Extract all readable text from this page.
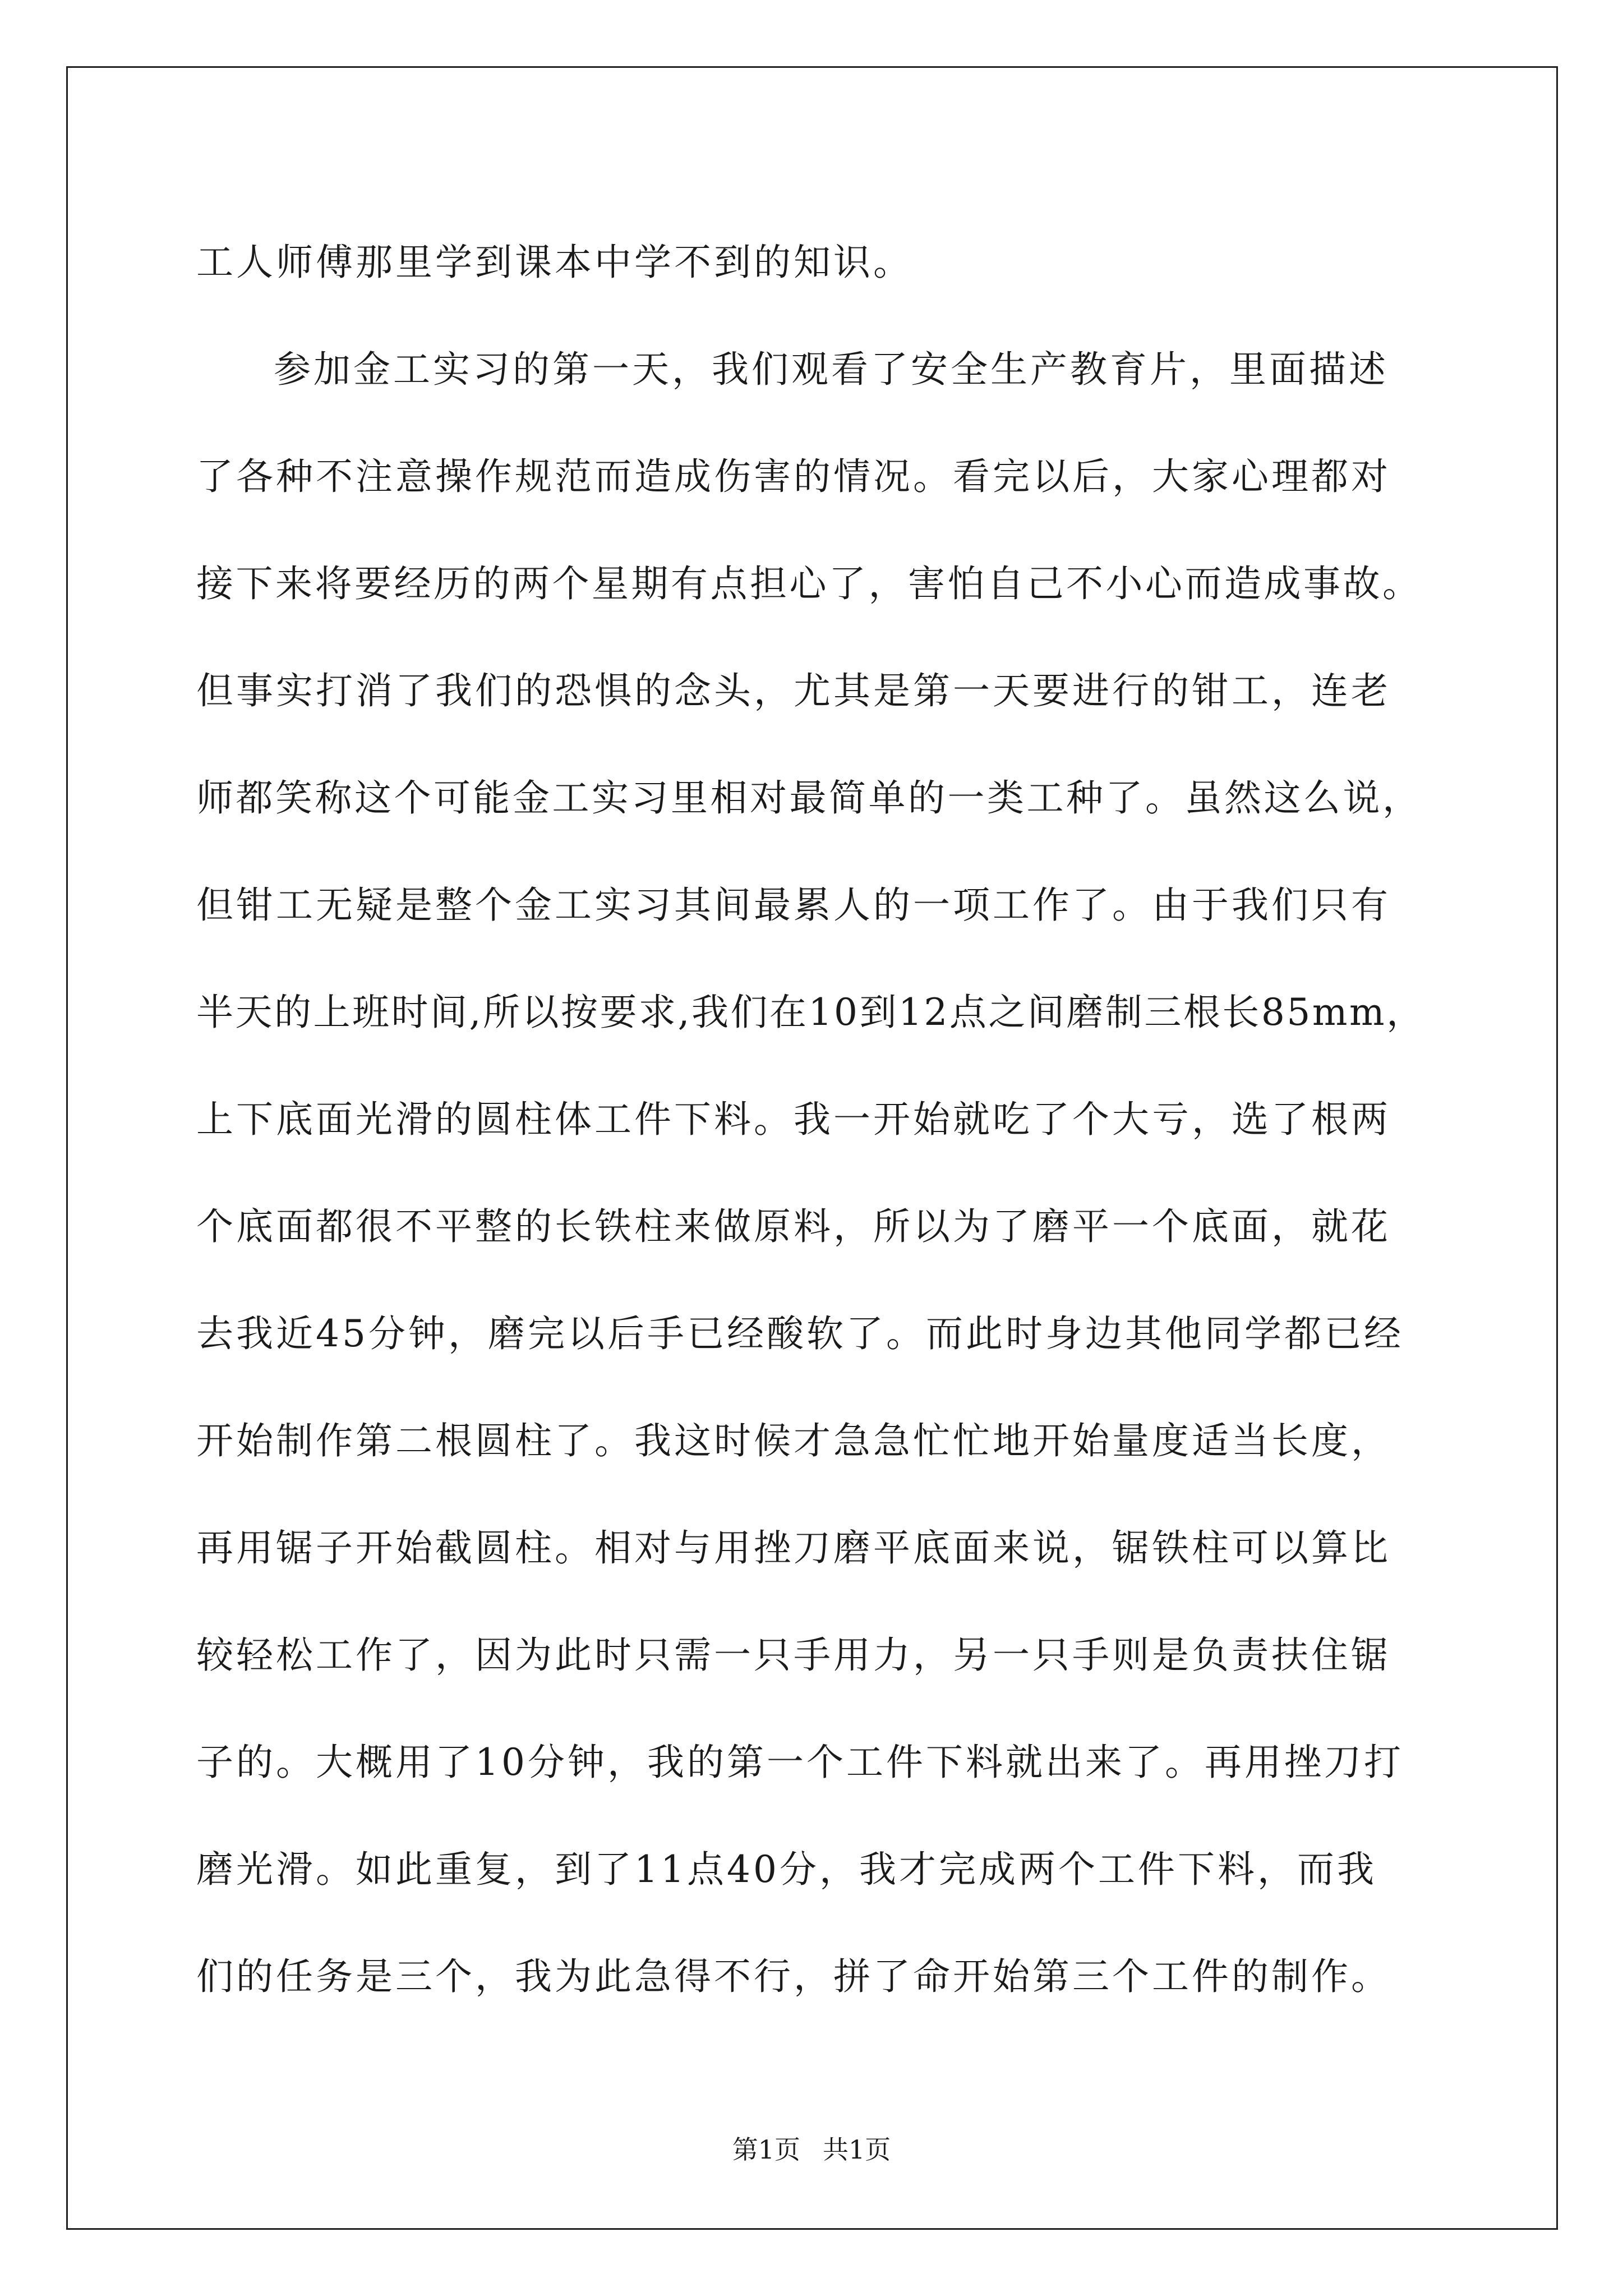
工人师傅那里学到课本中学不到的知识。
参加金工实习的第一天，我们观看了安全生产教育片，里面描述
了各种不注意操作规范而造成伤害的情况。看完以后，大家心理都对
接下来将要经历的两个星期有点担心了，害怕自己不小心而造成事故。
但事实打消了我们的恐惧的念头，尤其是第一天要进行的钳工，连老
师都笑称这个可能金工实习里相对最简单的一类工种了。虽然这么说，
但钳工无疑是整个金工实习其间最累人的一项工作了。由于我们只有
半天的上班时间,所以按要求,我们在10到12点之间磨制三根长85mm，
上下底面光滑的圆柱体工件下料。我一开始就吃了个大亏，选了根两
个底面都很不平整的长铁柱来做原料，所以为了磨平一个底面，就花
去我近45分钟，磨完以后手已经酸软了。而此时身边其他同学都已经
开始制作第二根圆柱了。我这时候才急急忙忙地开始量度适当长度，
再用锯子开始截圆柱。相对与用挫刀磨平底面来说，锯铁柱可以算比
较轻松工作了，因为此时只需一只手用力，另一只手则是负责扶住锯
子的。大概用了10分钟，我的第一个工件下料就出来了。再用挫刀打
磨光滑。如此重复，到了11点40分，我才完成两个工件下料，而我
们的任务是三个，我为此急得不行，拼了命开始第三个工件的制作。
第1页 共1页
